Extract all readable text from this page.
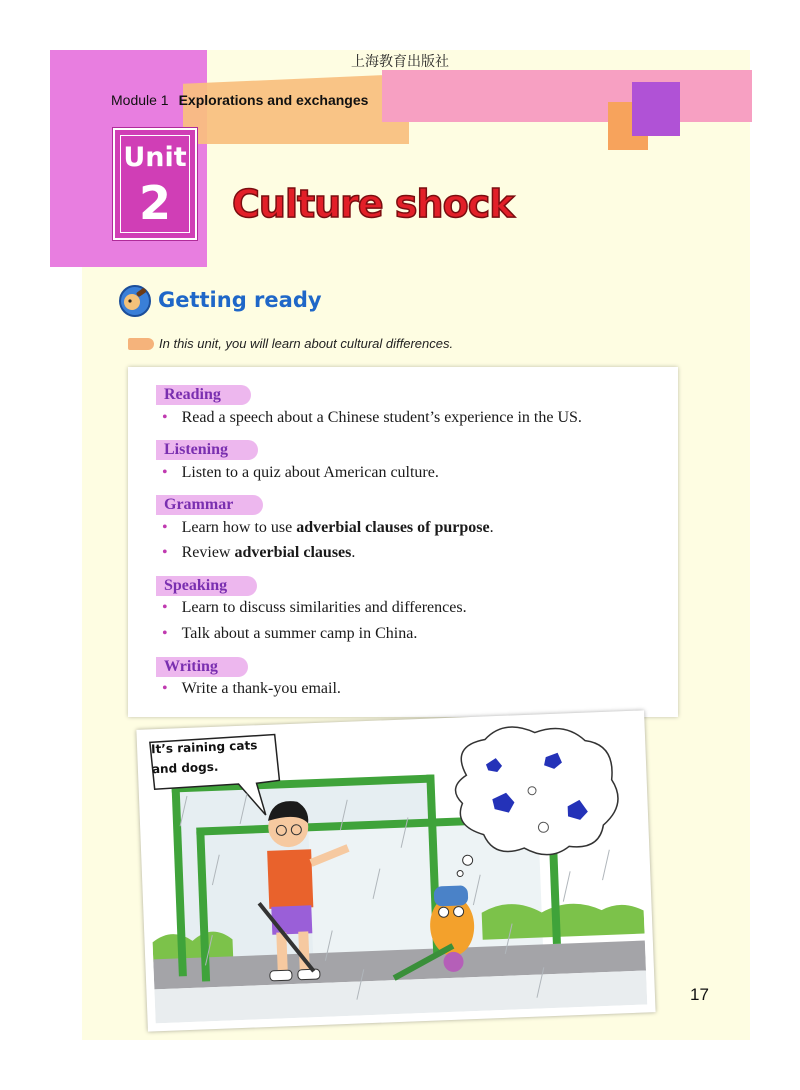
上海教育出版社
Module 1 Explorations and exchanges
Unit
2	Culture shock
Getting ready
In this unit, you will learn about cultural differences.
Reading
• Read a speech about a Chinese student’s experience in the US.
Listening
• Listen to a quiz about American culture.
Grammar
• Learn how to use adverbial clauses of purpose.
• Review adverbial clauses.
Speaking
• Learn to discuss similarities and differences.
• Talk about a summer camp in China.
Writing
• Write a thank-you email.
It’s raining cats
and dogs.
17
